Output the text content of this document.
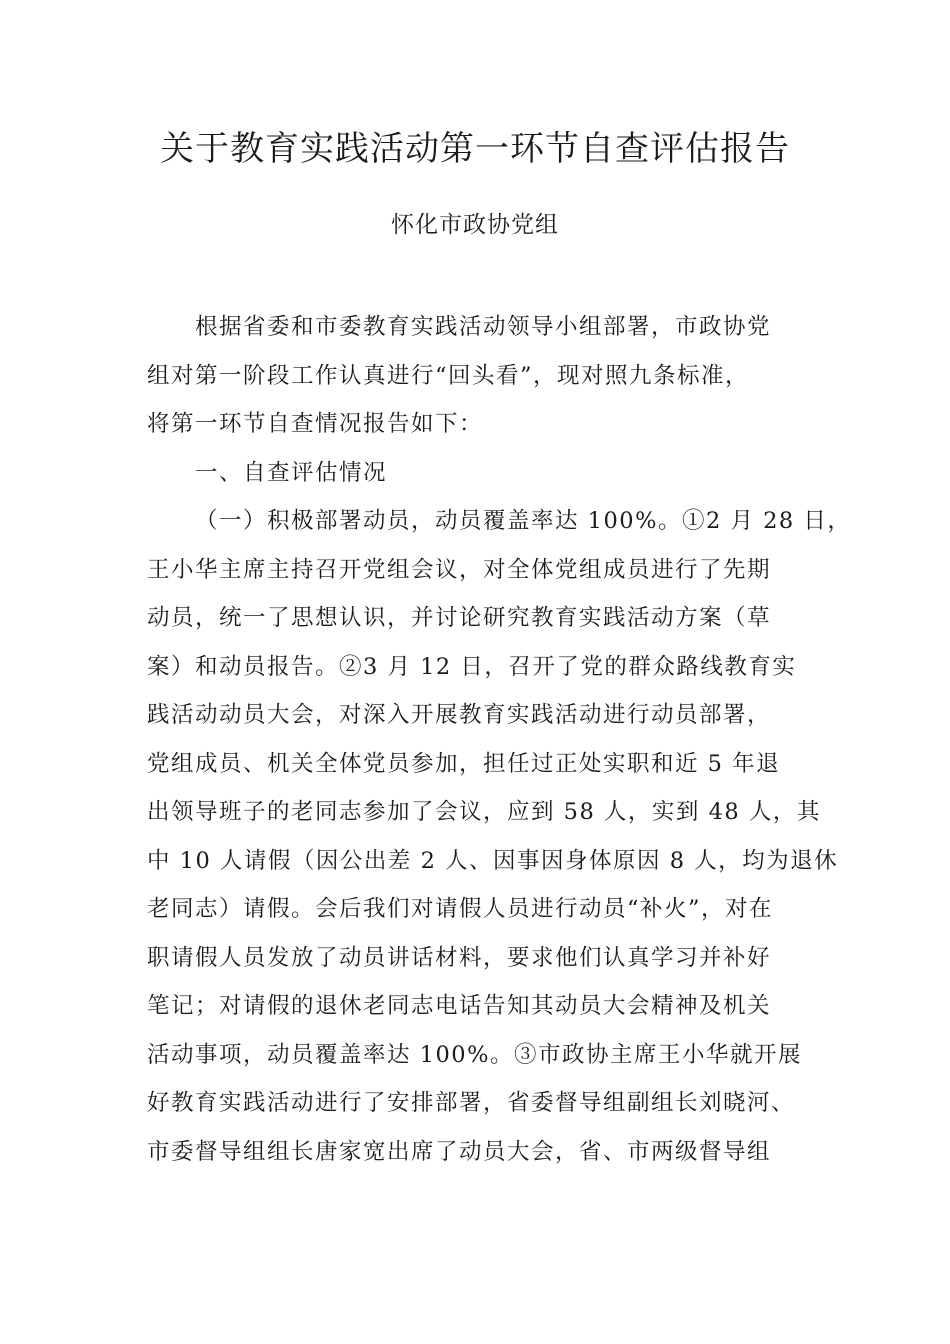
关于教育实践活动第一环节自查评估报告
怀化市政协党组
根据省委和市委教育实践活动领导小组部署，市政协党
组对第一阶段工作认真进行“回头看”，现对照九条标准，
将第一环节自查情况报告如下：
一、自查评估情况
（一）积极部署动员，动员覆盖率达 100%。①2 月 28 日，
王小华主席主持召开党组会议，对全体党组成员进行了先期
动员，统一了思想认识，并讨论研究教育实践活动方案（草
案）和动员报告。②3 月 12 日，召开了党的群众路线教育实
践活动动员大会，对深入开展教育实践活动进行动员部署，
党组成员、机关全体党员参加，担任过正处实职和近 5 年退
出领导班子的老同志参加了会议，应到 58 人，实到 48 人，其
中 10 人请假（因公出差 2 人、因事因身体原因 8 人，均为退休
老同志）请假。会后我们对请假人员进行动员“补火”，对在
职请假人员发放了动员讲话材料，要求他们认真学习并补好
笔记；对请假的退休老同志电话告知其动员大会精神及机关
活动事项，动员覆盖率达 100%。③市政协主席王小华就开展
好教育实践活动进行了安排部署，省委督导组副组长刘晓河、
市委督导组组长唐家宽出席了动员大会，省、市两级督导组
